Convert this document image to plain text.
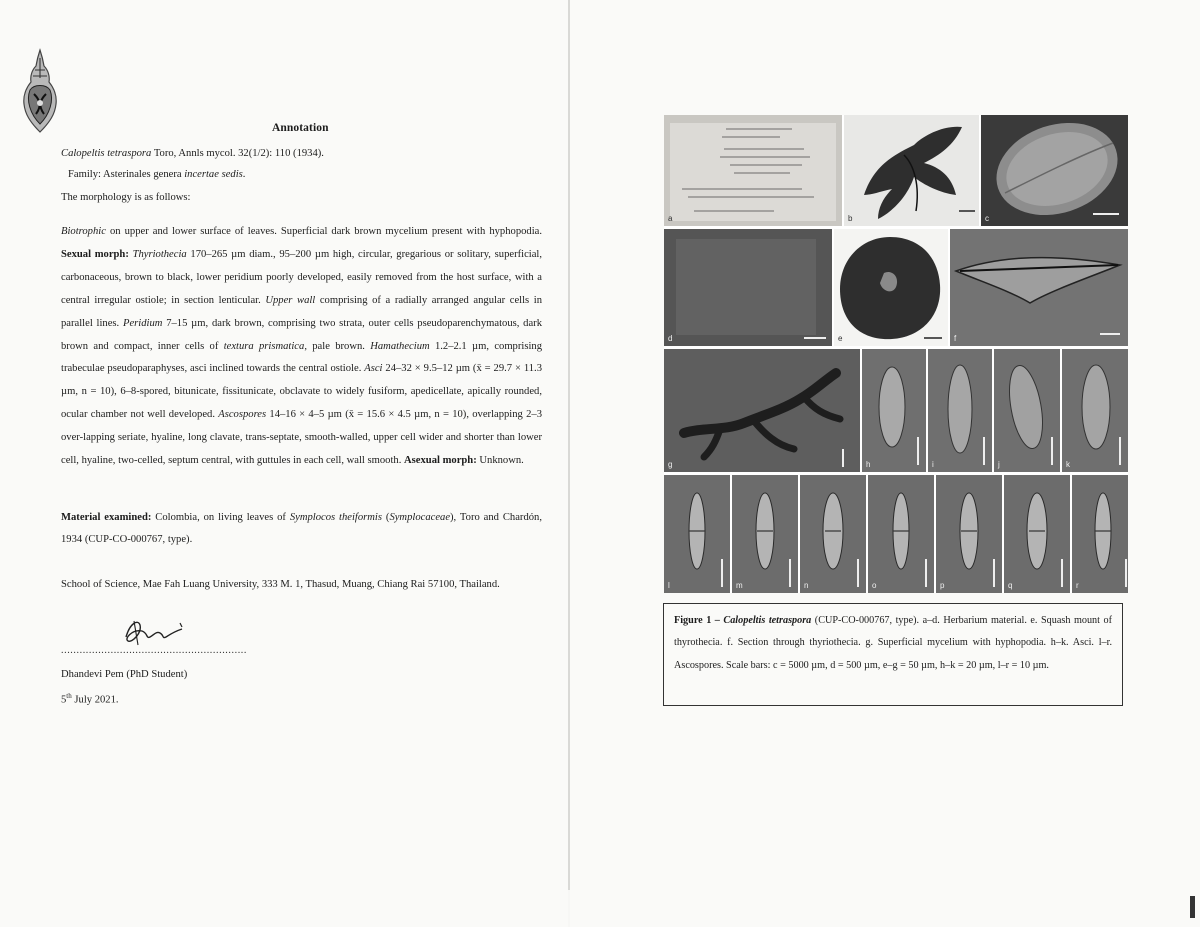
Annotation
Calopeltis tetraspora Toro, Annls mycol. 32(1/2): 110 (1934).
Family: Asterinales genera incertae sedis.
The morphology is as follows:
Biotrophic on upper and lower surface of leaves. Superficial dark brown mycelium present with hyphopodia. Sexual morph: Thyriothecia 170–265 µm diam., 95–200 µm high, circular, gregarious or solitary, superficial, carbonaceous, brown to black, lower peridium poorly developed, easily removed from the host surface, with a central irregular ostiole; in section lenticular. Upper wall comprising of a radially arranged angular cells in parallel lines. Peridium 7–15 µm, dark brown, comprising two strata, outer cells pseudoparenchymatous, dark brown and compact, inner cells of textura prismatica, pale brown. Hamathecium 1.2–2.1 µm, comprising trabeculae pseudoparaphyses, asci inclined towards the central ostiole. Asci 24–32 × 9.5–12 µm (x̄ = 29.7 × 11.3 µm, n = 10), 6–8-spored, bitunicate, fissitunicate, obclavate to widely fusiform, apedicellate, apically rounded, ocular chamber not well developed. Ascospores 14–16 × 4–5 µm (x̄ = 15.6 × 4.5 µm, n = 10), overlapping 2–3 over-lapping seriate, hyaline, long clavate, trans-septate, smooth-walled, upper cell wider and shorter than lower cell, hyaline, two-celled, septum central, with guttules in each cell, wall smooth. Asexual morph: Unknown.
Material examined: Colombia, on living leaves of Symplocos theiformis (Symplocaceae), Toro and Chardón, 1934 (CUP-CO-000767, type).
School of Science, Mae Fah Luang University, 333 M. 1, Thasud, Muang, Chiang Rai 57100, Thailand.
............................................................
Dhandevi Pem (PhD Student)
5th July 2021.
a	b	c
d	e	f
g	h	i	j	k
l	m	n	o	p	q	r
Figure 1 – Calopeltis tetraspora (CUP-CO-000767, type). a–d. Herbarium material. e. Squash mount of thyrothecia. f. Section through thyriothecia. g. Superficial mycelium with hyphopodia. h–k. Asci. l–r. Ascospores. Scale bars: c = 5000 µm, d = 500 µm, e–g = 50 µm, h–k = 20 µm, l–r = 10 µm.
